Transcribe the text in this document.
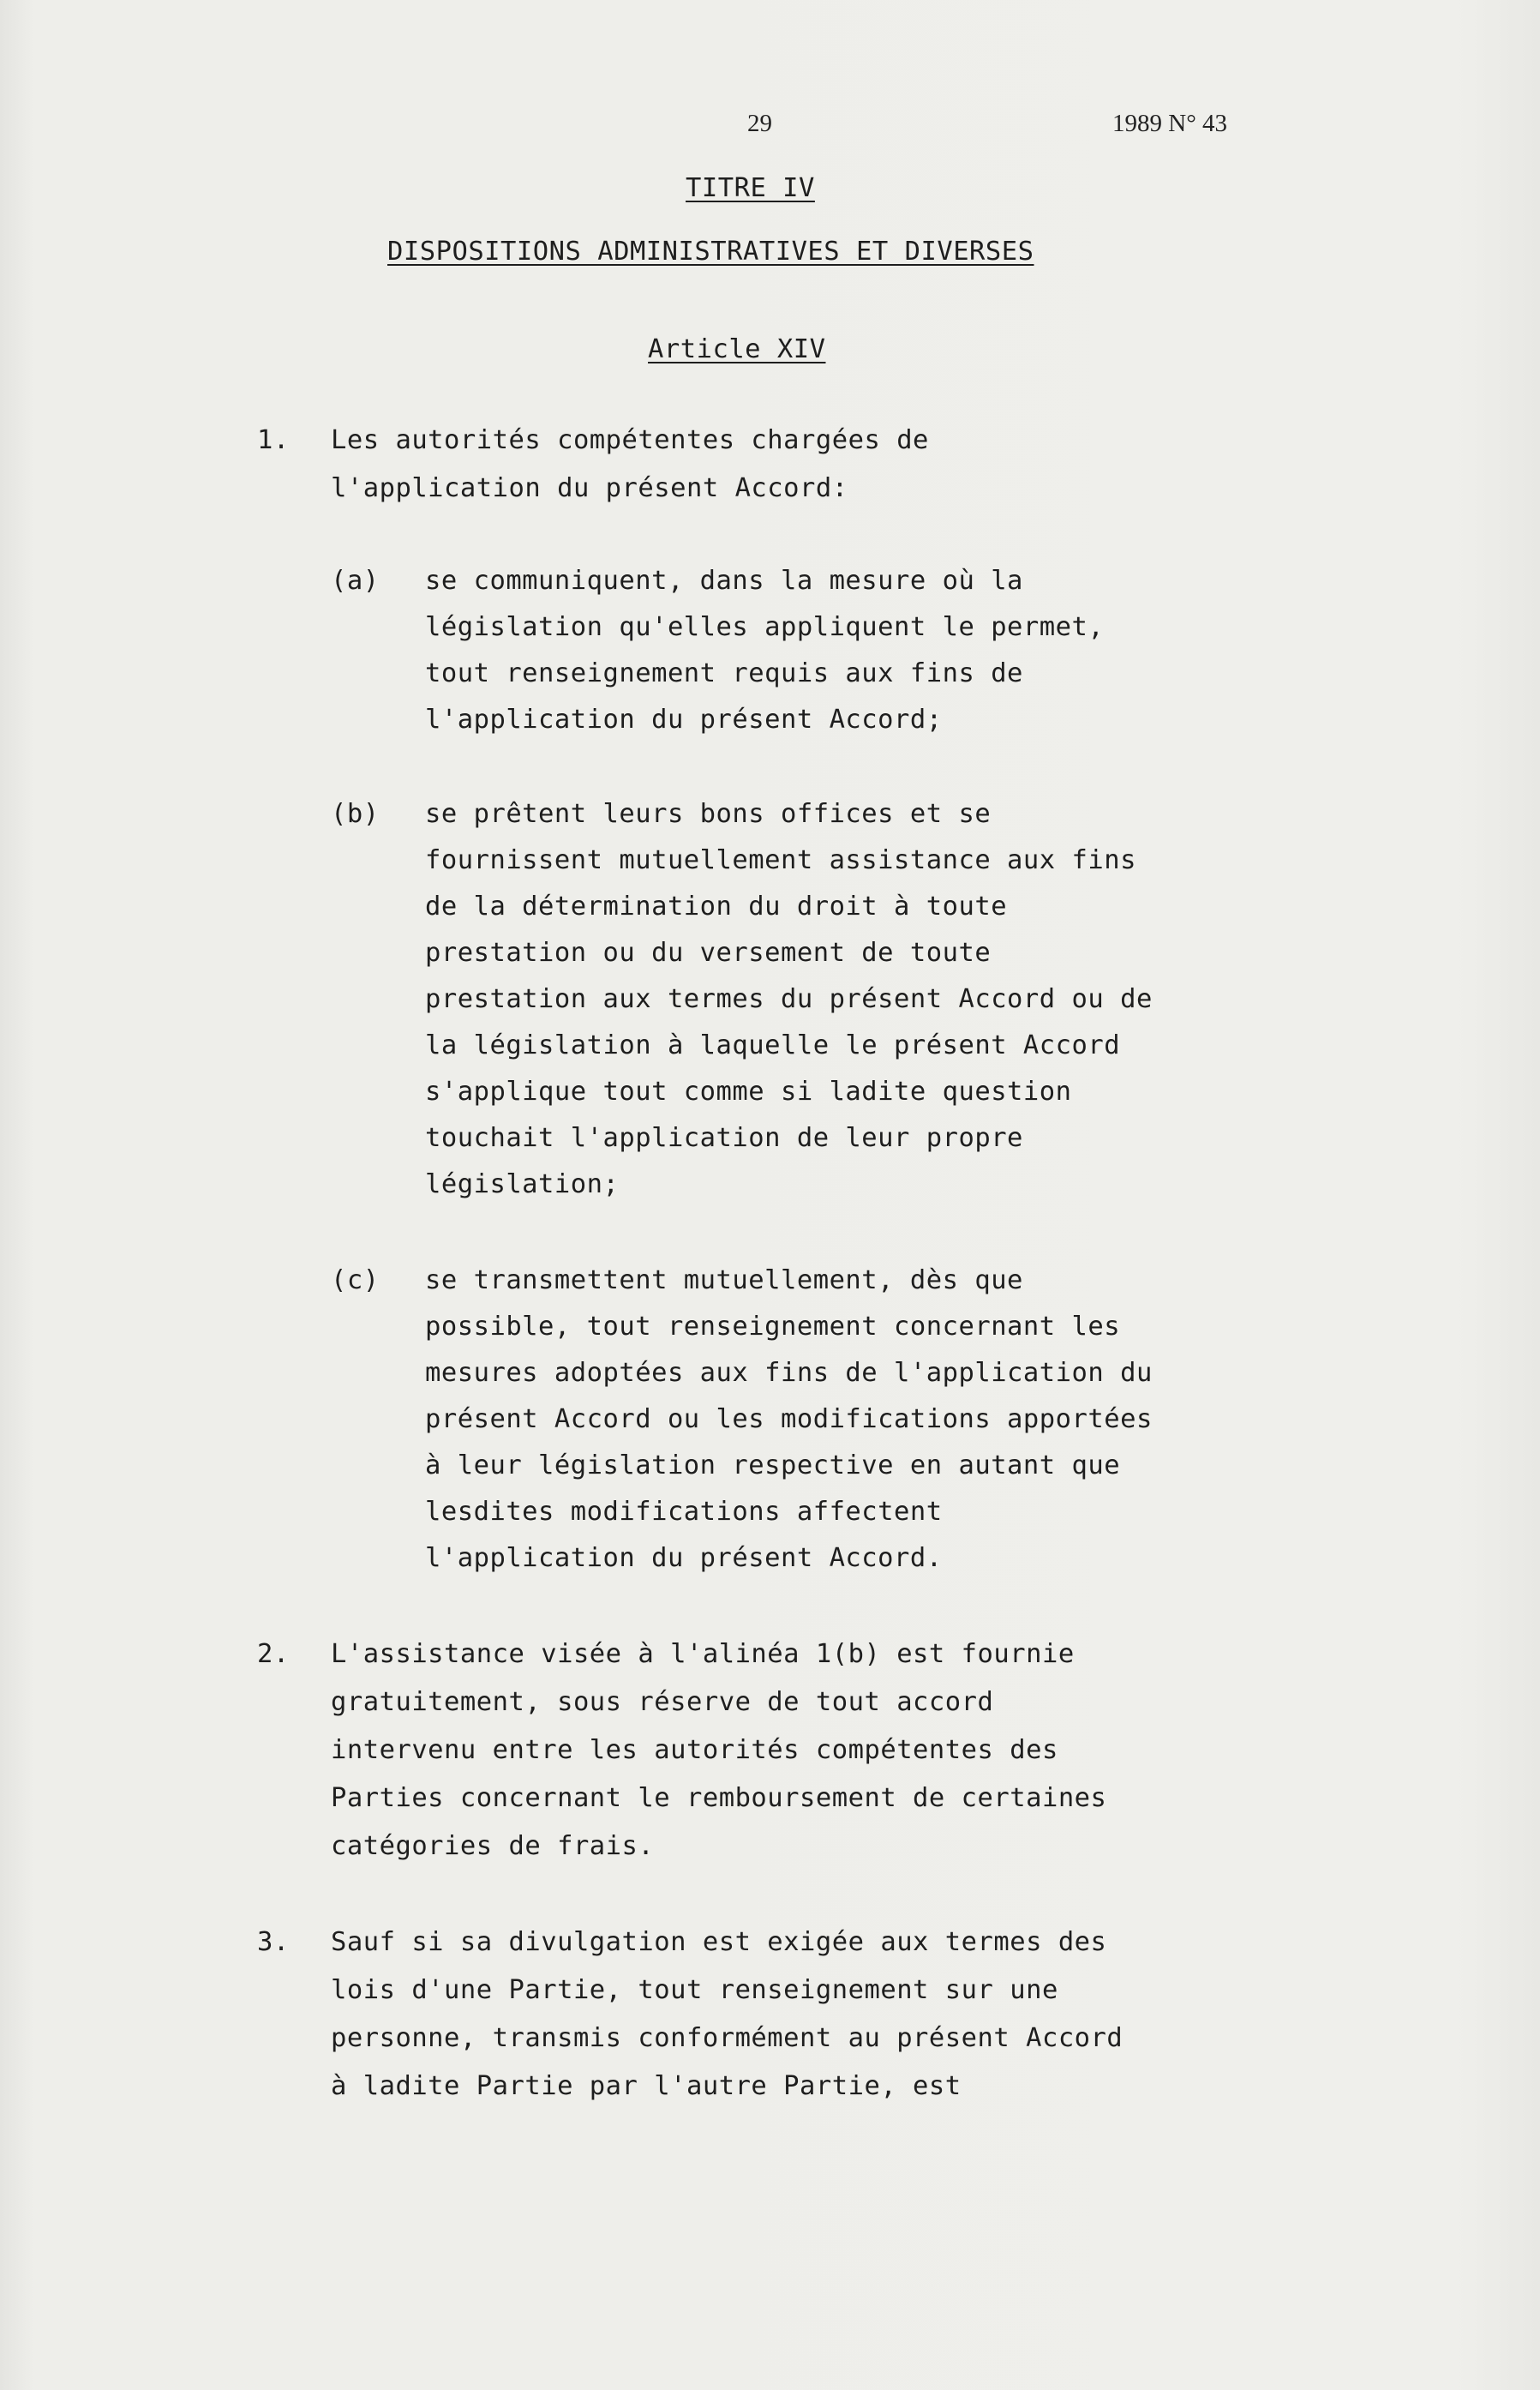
29	1989 N° 43
TITRE IV
DISPOSITIONS ADMINISTRATIVES ET DIVERSES
Article XIV
1. Les autorités compétentes chargées de
l'application du présent Accord:
(a) se communiquent, dans la mesure où la
législation qu'elles appliquent le permet,
tout renseignement requis aux fins de
l'application du présent Accord;
(b) se prêtent leurs bons offices et se
fournissent mutuellement assistance aux fins
de la détermination du droit à toute
prestation ou du versement de toute
prestation aux termes du présent Accord ou de
la législation à laquelle le présent Accord
s'applique tout comme si ladite question
touchait l'application de leur propre
législation;
(c) se transmettent mutuellement, dès que
possible, tout renseignement concernant les
mesures adoptées aux fins de l'application du
présent Accord ou les modifications apportées
à leur législation respective en autant que
lesdites modifications affectent
l'application du présent Accord.
2. L'assistance visée à l'alinéa 1(b) est fournie
gratuitement, sous réserve de tout accord
intervenu entre les autorités compétentes des
Parties concernant le remboursement de certaines
catégories de frais.
3. Sauf si sa divulgation est exigée aux termes des
lois d'une Partie, tout renseignement sur une
personne, transmis conformément au présent Accord
à ladite Partie par l'autre Partie, est
